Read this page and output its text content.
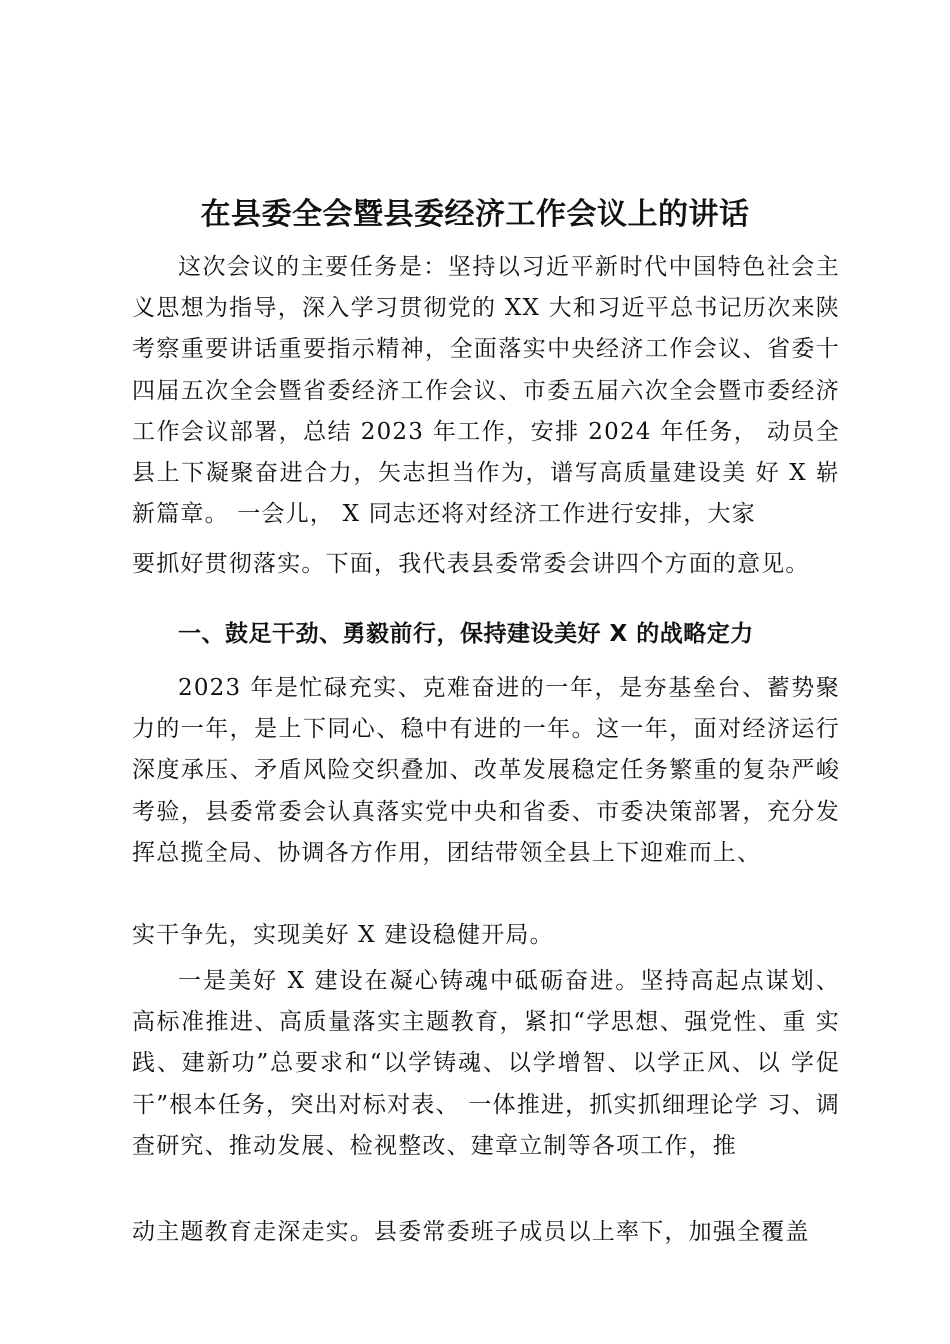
在县委全会暨县委经济工作会议上的讲话

这次会议的主要任务是：坚持以习近平新时代中国特色社会主义思想为指导，深入学习贯彻党的 XX 大和习近平总书记历次来陕考察重要讲话重要指示精神，全面落实中央经济工作会议、省委十四届五次全会暨省委经济工作会议、市委五届六次全会暨市委经济工作会议部署，总结 2023 年工作，安排 2024 年任务， 动员全县上下凝聚奋进合力，矢志担当作为，谱写高质量建设美 好 X 崭新篇章。 一会儿， X 同志还将对经济工作进行安排，大家

要抓好贯彻落实。下面，我代表县委常委会讲四个方面的意见。

一、鼓足干劲、勇毅前行，保持建设美好 X 的战略定力

2023 年是忙碌充实、克难奋进的一年，是夯基垒台、蓄势聚力的一年，是上下同心、稳中有进的一年。这一年，面对经济运行深度承压、矛盾风险交织叠加、改革发展稳定任务繁重的复杂严峻考验，县委常委会认真落实党中央和省委、市委决策部署，充分发挥总揽全局、协调各方作用，团结带领全县上下迎难而上、

实干争先，实现美好 X 建设稳健开局。

一是美好 X 建设在凝心铸魂中砥砺奋进。坚持高起点谋划、 高标准推进、高质量落实主题教育，紧扣“学思想、强党性、重 实践、建新功”总要求和“以学铸魂、以学增智、以学正风、以 学促干”根本任务，突出对标对表、 一体推进，抓实抓细理论学 习、调查研究、推动发展、检视整改、建章立制等各项工作，推

动主题教育走深走实。县委常委班子成员以上率下，加强全覆盖
